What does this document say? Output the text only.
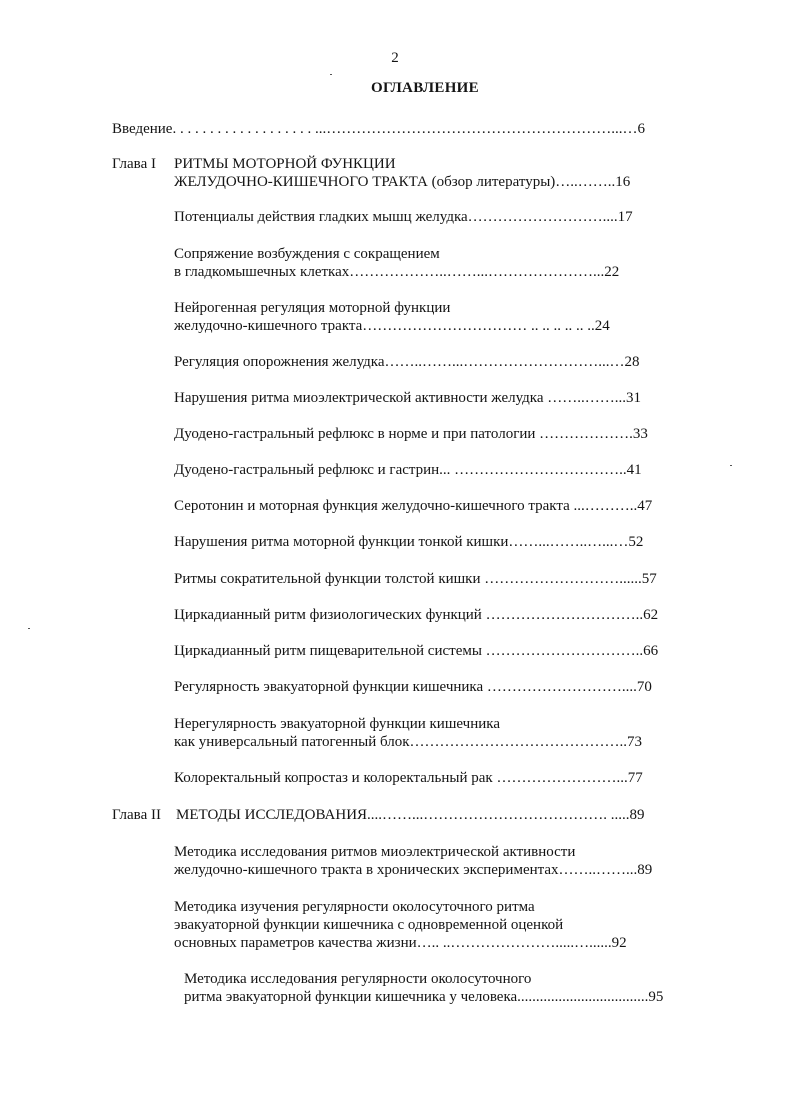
2
ОГЛАВЛЕНИЕ
Введение. . . . . . . . . . . . . . . . . . . ...…………………………………………………...…6
Глава I РИТМЫ МОТОРНОЙ ФУНКЦИИ
ЖЕЛУДОЧНО-КИШЕЧНОГО ТРАКТА (обзор литературы)…..……..16
Потенциалы действия гладких мышц желудка………………………....17
Сопряжение возбуждения с сокращением
в гладкомышечных клетках………………..……...…………………...22
Нейрогенная регуляция моторной функции
желудочно-кишечного тракта…………………………… .. .. .. .. .. ..24
Регуляция опорожнения желудка……..……...………………………...…28
Нарушения ритма миоэлектрической активности желудка ……..……...31
Дуодено-гастральный рефлюкс в норме и при патологии ……………….33
Дуодено-гастральный рефлюкс и гастрин... ……………………………..41
Серотонин и моторная функция желудочно-кишечного тракта ...………..47
Нарушения ритма моторной функции тонкой кишки……...……..…...…52
Ритмы сократительной функции толстой кишки ………………………......57
Циркадианный ритм физиологических функций …………………………..62
Циркадианный ритм пищеварительной системы …………………………..66
Регулярность эвакуаторной функции кишечника ………………………....70
Нерегулярность эвакуаторной функции кишечника
как универсальный патогенный блок……………………………………..73
Колоректальный копростаз и колоректальный рак ……………………...77
Глава II МЕТОДЫ ИССЛЕДОВАНИЯ....……...………………………………. .....89
Методика исследования ритмов миоэлектрической активности
желудочно-кишечного тракта в хронических экспериментах……..……...89
Методика изучения регулярности околосуточного ритма
эвакуаторной функции кишечника с одновременной оценкой
основных параметров качества жизни….. ..………………….....…......92
Методика исследования регулярности околосуточного
ритма эвакуаторной функции кишечника у человека...................................95
